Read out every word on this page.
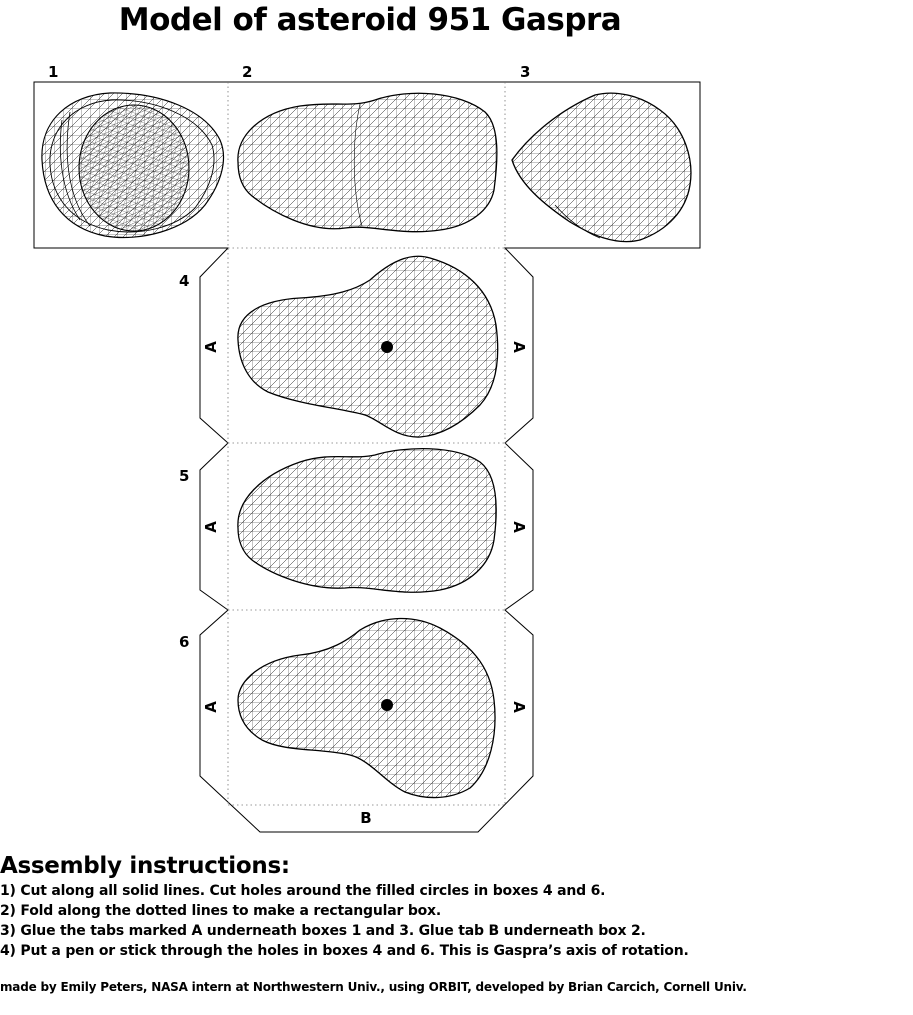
Model of asteroid 951 Gaspra
1	2	3
4
5
6
A	A
A	A
A	A
B
Assembly instructions:
1) Cut along all solid lines. Cut holes around the filled circles in boxes 4 and 6.
2) Fold along the dotted lines to make a rectangular box.
3) Glue the tabs marked A underneath boxes 1 and 3. Glue tab B underneath box 2.
4) Put a pen or stick through the holes in boxes 4 and 6. This is Gaspra’s axis of rotation.
made by Emily Peters, NASA intern at Northwestern Univ., using ORBIT, developed by Brian Carcich, Cornell Univ.
